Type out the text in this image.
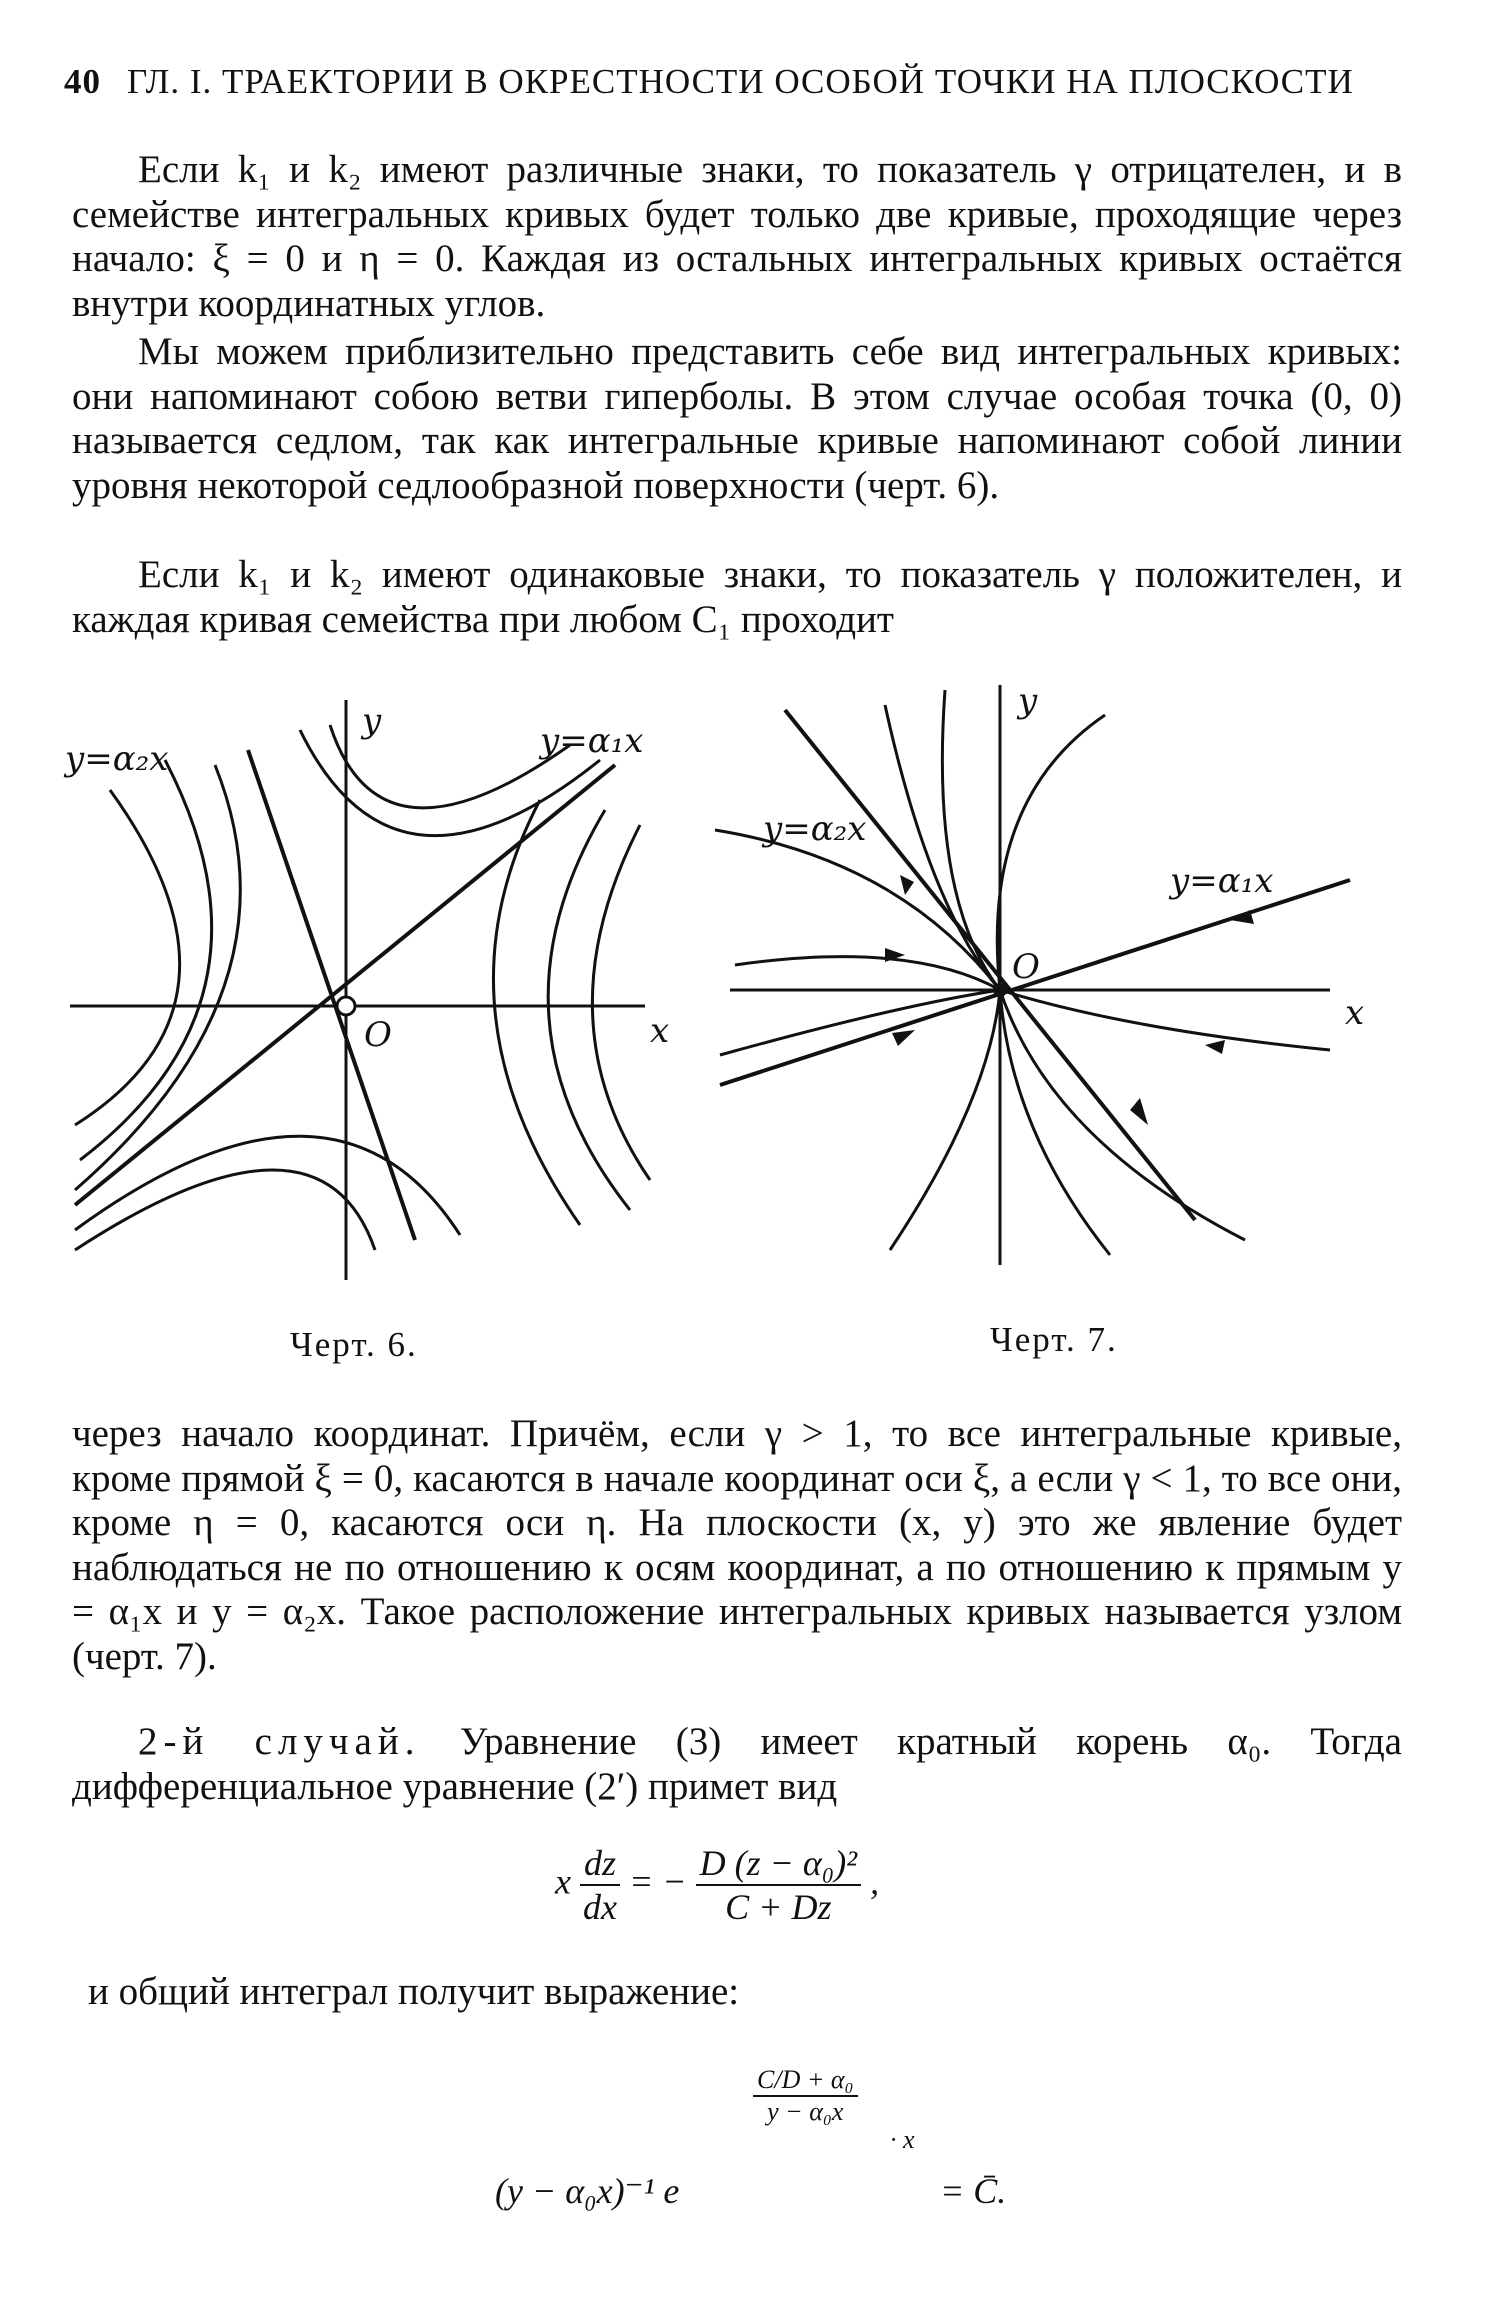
40 ГЛ. I. ТРАЕКТОРИИ В ОКРЕСТНОСТИ ОСОБОЙ ТОЧКИ НА ПЛОСКОСТИ

Если k₁ и k₂ имеют различные знаки, то показатель γ отрицателен, и в семействе интегральных кривых будет только две кривые, проходящие через начало: ξ = 0 и η = 0. Каждая из остальных интегральных кривых остаётся внутри координатных углов.

Мы можем приблизительно представить себе вид интегральных кривых: они напоминают собою ветви гиперболы. В этом случае особая точка (0, 0) называется седлом, так как интегральные кривые напоминают собой линии уровня некоторой седлообразной поверхности (черт. 6).

Если k₁ и k₂ имеют одинаковые знаки, то показатель γ положителен, и каждая кривая семейства при любом C₁ проходит

y
x
O
y=α₁x
y=α₂x
Черт. 6.
y
x
O
y=α₁x
y=α₂x
Черт. 7.

через начало координат. Причём, если γ > 1, то все интегральные кривые, кроме прямой ξ = 0, касаются в начале координат оси ξ, а если γ < 1, то все они, кроме η = 0, касаются оси η. На плоскости (x, y) это же явление будет наблюдаться не по отношению к осям координат, а по отношению к прямым y = α₁x и y = α₂x. Такое расположение интегральных кривых называется узлом (черт. 7).

2-й случай. Уравнение (3) имеет кратный корень α₀. Тогда дифференциальное уравнение (2′) примет вид

x $\frac{dz}{dx}$ = − $\frac{\text{D (z − α₀)²}}{C + Dz}$ ,

и общий интеграл получит выражение:

(y − α₀x)⁻¹ e
$\frac{\text{C/D + α₀}}{\text{y − α₀x}}$
· x
= C̄.
